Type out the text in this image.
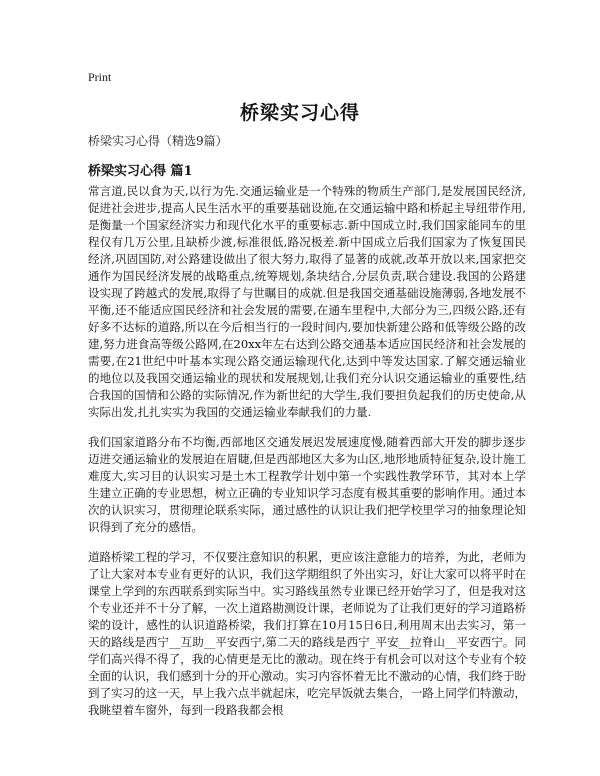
Print
桥梁实习心得
桥梁实习心得（精选9篇）
桥梁实习心得 篇1

常言道,民以食为天,以行为先.交通运输业是一个特殊的物质生产部门,是发展国民经济,促进社会进步,提高人民生活水平的重要基础设施,在交通运输中路和桥起主导纽带作用,是衡量一个国家经济实力和现代化水平的重要标志.新中国成立时,我们国家能同车的里程仅有几万公里,且缺桥少渡,标准很低,路况极差.新中国成立后我们国家为了恢复国民经济,巩固国防,对公路建设做出了很大努力,取得了显著的成就,改革开放以来,国家把交通作为国民经济发展的战略重点,统筹规划,条块结合,分层负责,联合建设.我国的公路建设实现了跨越式的发展,取得了与世瞩目的成就.但是我国交通基础设施薄弱,各地发展不平衡,还不能适应国民经济和社会发展的需要,在通车里程中,大部分为三,四级公路,还有好多不达标的道路,所以在今后相当行的一段时间内,要加快新建公路和低等级公路的改建,努力进食高等级公路网,在20xx年左右达到公路交通基本适应国民经济和社会发展的需要,在21世纪中叶基本实现公路交通运输现代化,达到中等发达国家.了解交通运输业的地位以及我国交通运输业的现状和发展规划,让我们充分认识交通运输业的重要性,结合我国的国情和公路的实际情况,作为新世纪的大学生,我们要担负起我们的历史使命,从实际出发,扎扎实实为我国的交通运输业奉献我们的力量.

我们国家道路分布不均衡,西部地区交通发展迟发展速度慢,随着西部大开发的脚步逐步迈进交通运输业的发展迫在眉睫,但是西部地区大多为山区,地形地质特征复杂,设计施工难度大,实习目的认识实习是土木工程教学计划中第一个实践性教学环节，其对本上学生建立正确的专业思想，树立正确的专业知识学习态度有极其重要的影响作用。通过本次的认识实习，贯彻理论联系实际，通过感性的认识让我们把学校里学习的抽象理论知识得到了充分的感悟。

道路桥梁工程的学习，不仅要注意知识的积累，更应该注意能力的培养，为此，老师为了让大家对本专业有更好的认识，我们这学期组织了外出实习，好让大家可以将平时在课堂上学到的东西联系到实际当中。实习路线虽然专业课已经开始学习了，但是我对这个专业还并不十分了解，一次上道路勘测设计课，老师说为了让我们更好的学习道路桥梁的设计，感性的认识道路桥梁，我们打算在10月15日6日,利用周末出去实习，第一天的路线是西宁__互助__平安西宁,第二天的路线是西宁_平安__拉脊山__平安西宁。同学们高兴得不得了，我的心情更是无比的激动。现在终于有机会可以对这个专业有个较全面的认识，我们感到十分的开心激动。实习内容怀着无比不激动的心情，我们终于盼到了实习的这一天，早上我六点半就起床，吃完早饭就去集合，一路上同学们特激动，我眺望着车窗外，每到一段路我都会根
